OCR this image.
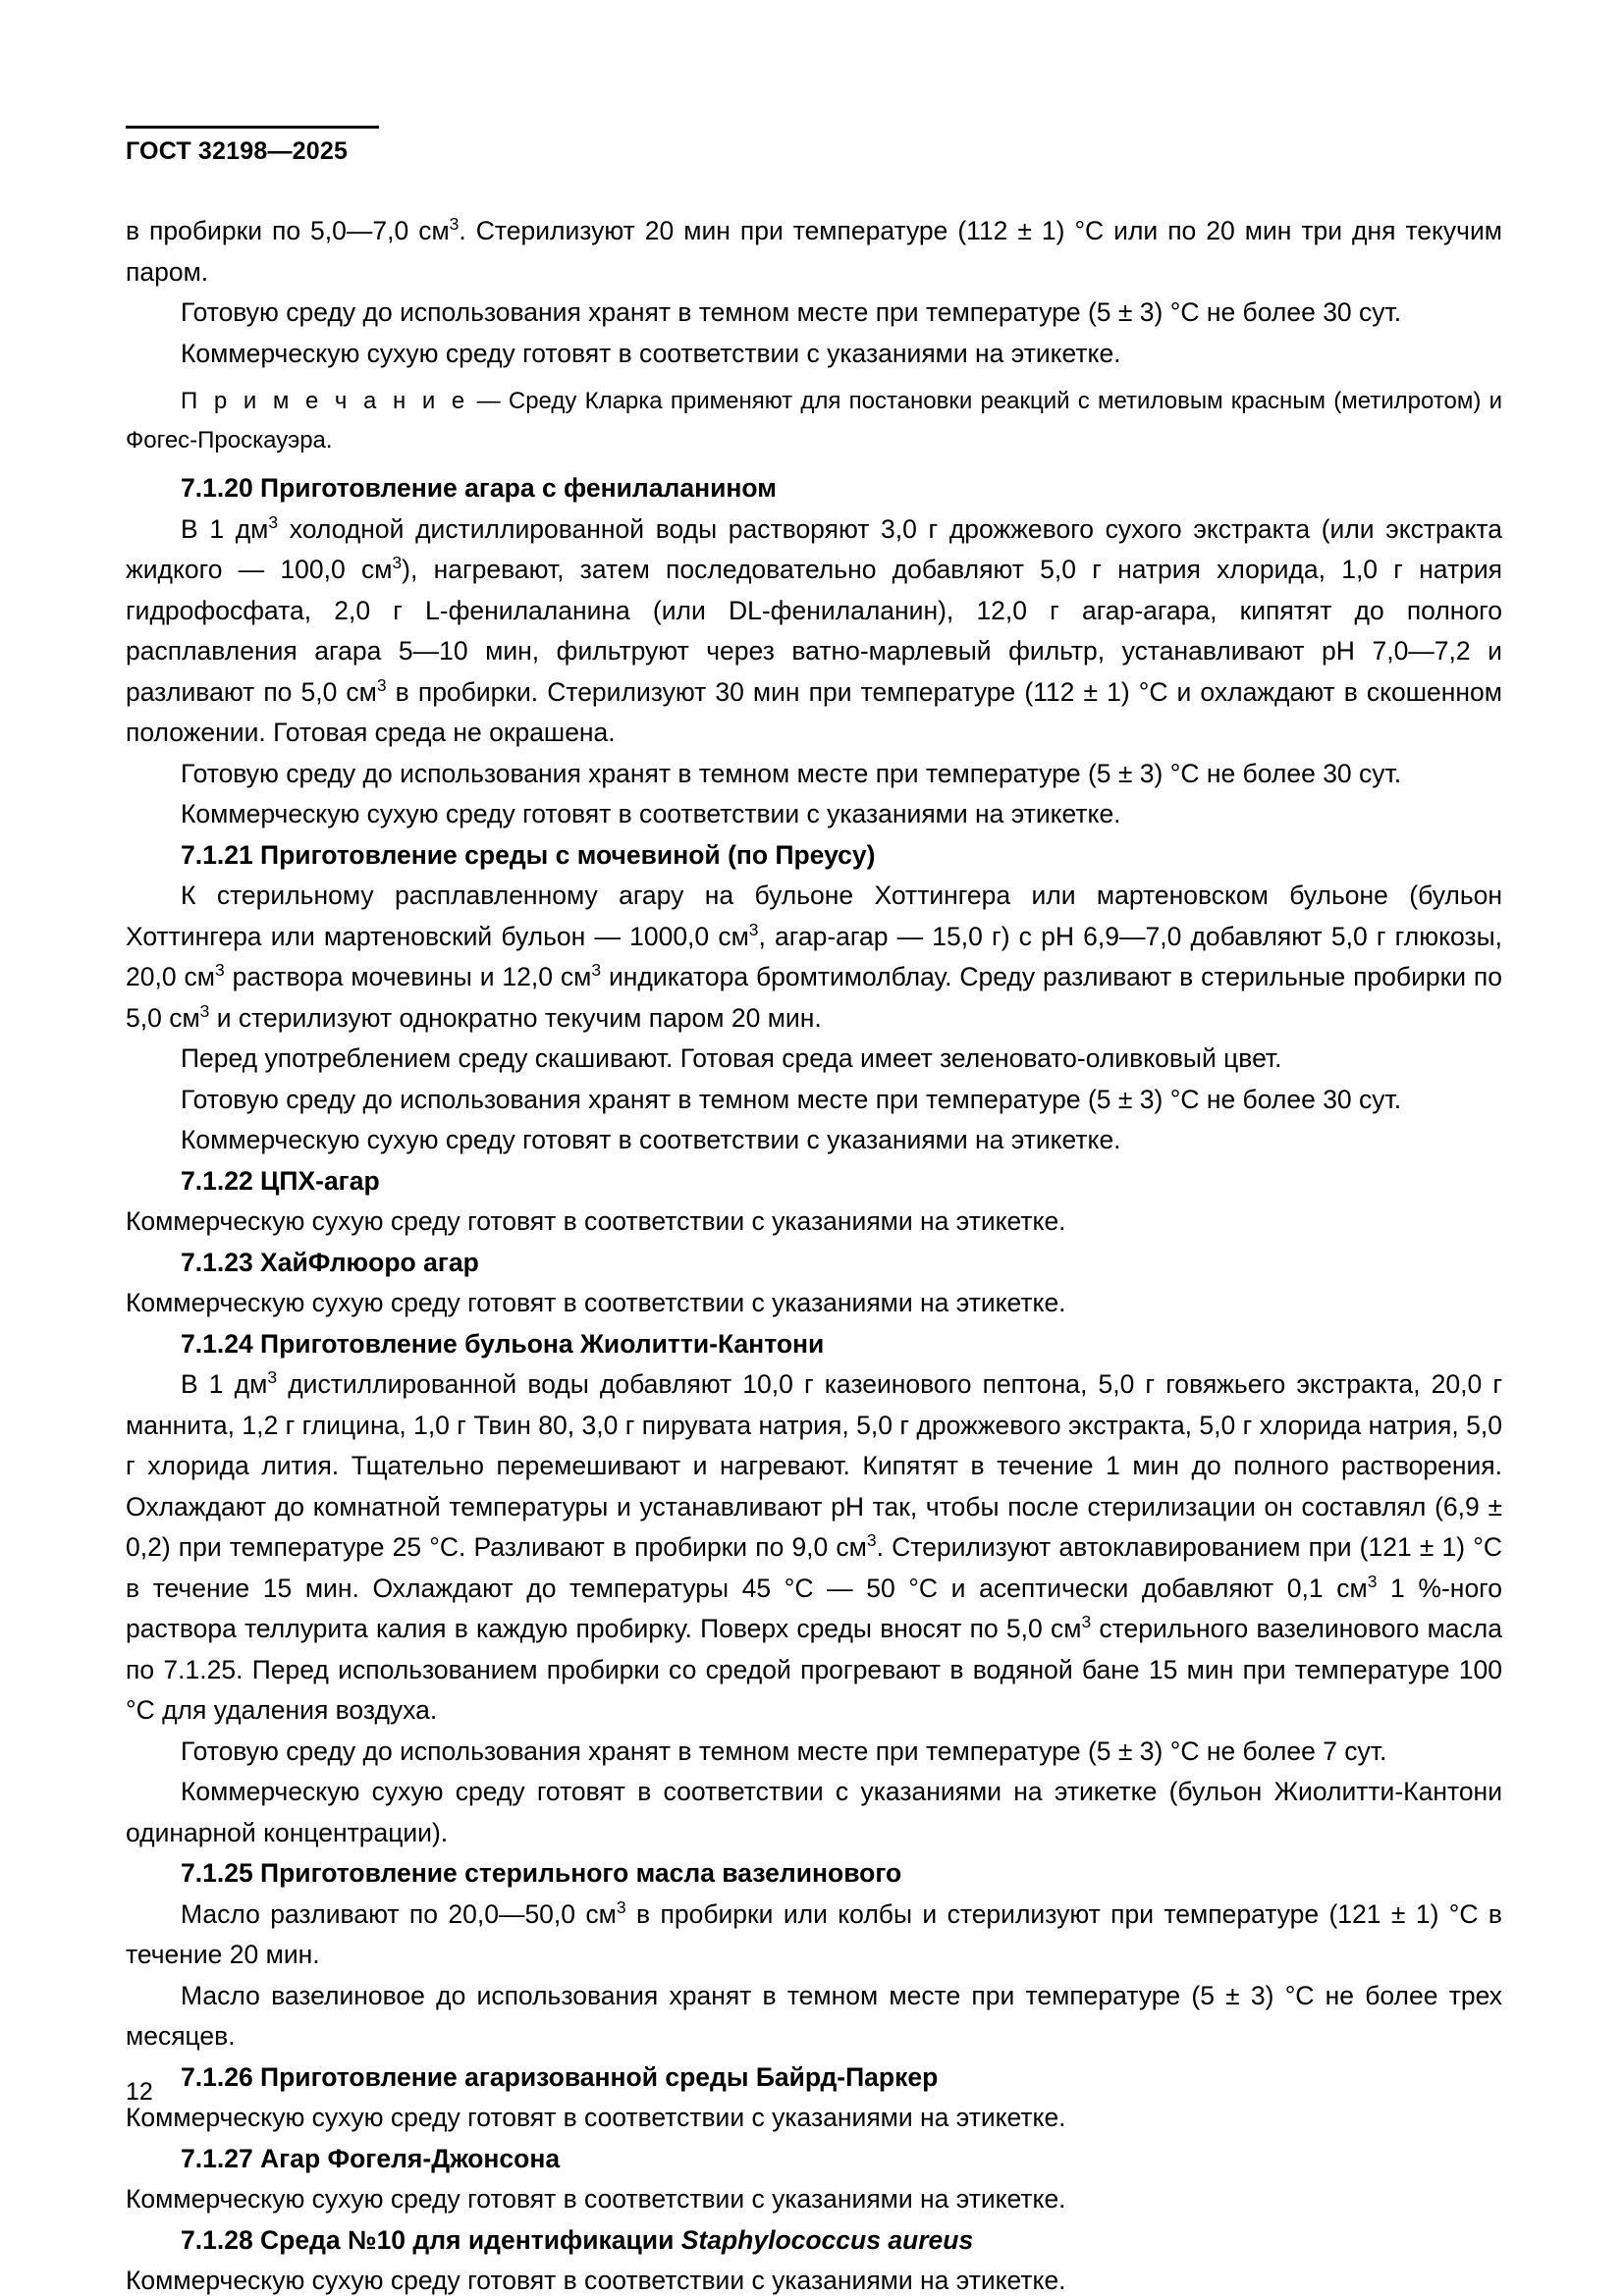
ГОСТ 32198—2025

в пробирки по 5,0—7,0 $см^3$. Стерилизуют 20 мин при температуре (112 ± 1) °C или по 20 мин три дня текучим паром.

Готовую среду до использования хранят в темном месте при температуре (5 ± 3) °C не более 30 сут.

Коммерческую сухую среду готовят в соответствии с указаниями на этикетке.

П р и м е ч а н и е — Среду Кларка применяют для постановки реакций с метиловым красным (метилротом) и Фогес-Проскауэра.

7.1.20 Приготовление агара с фенилаланином

В 1 $дм^3$ холодной дистиллированной воды растворяют 3,0 г дрожжевого сухого экстракта (или экстракта жидкого — 100,0 $см^3$), нагревают, затем последовательно добавляют 5,0 г натрия хлорида, 1,0 г натрия гидрофосфата, 2,0 г L-фенилаланина (или DL-фенилаланин), 12,0 г агар-агара, кипятят до полного расплавления агара 5—10 мин, фильтруют через ватно-марлевый фильтр, устанавливают рН 7,0—7,2 и разливают по 5,0 $см^3$ в пробирки. Стерилизуют 30 мин при температуре (112 ± 1) °C и охлаждают в скошенном положении. Готовая среда не окрашена.

Готовую среду до использования хранят в темном месте при температуре (5 ± 3) °C не более 30 сут.

Коммерческую сухую среду готовят в соответствии с указаниями на этикетке.

7.1.21 Приготовление среды с мочевиной (по Преусу)

К стерильному расплавленному агару на бульоне Хоттингера или мартеновском бульоне (бульон Хоттингера или мартеновский бульон — 1000,0 $см^3$, агар-агар — 15,0 г) с рН 6,9—7,0 добавляют 5,0 г глюкозы, 20,0 $см^3$ раствора мочевины и 12,0 $см^3$ индикатора бромтимолблау. Среду разливают в стерильные пробирки по 5,0 $см^3$ и стерилизуют однократно текучим паром 20 мин.

Перед употреблением среду скашивают. Готовая среда имеет зеленовато-оливковый цвет.

Готовую среду до использования хранят в темном месте при температуре (5 ± 3) °C не более 30 сут.

Коммерческую сухую среду готовят в соответствии с указаниями на этикетке.

7.1.22 ЦПХ-агар

Коммерческую сухую среду готовят в соответствии с указаниями на этикетке.

7.1.23 ХайФлюоро агар

Коммерческую сухую среду готовят в соответствии с указаниями на этикетке.

7.1.24 Приготовление бульона Жиолитти-Кантони

В 1 $дм^3$ дистиллированной воды добавляют 10,0 г казеинового пептона, 5,0 г говяжьего экстракта, 20,0 г маннита, 1,2 г глицина, 1,0 г Твин 80, 3,0 г пирувата натрия, 5,0 г дрожжевого экстракта, 5,0 г хлорида натрия, 5,0 г хлорида лития. Тщательно перемешивают и нагревают. Кипятят в течение 1 мин до полного растворения. Охлаждают до комнатной температуры и устанавливают рН так, чтобы после стерилизации он составлял (6,9 ± 0,2) при температуре 25 °C. Разливают в пробирки по 9,0 $см^3$. Стерилизуют автоклавированием при (121 ± 1) °C в течение 15 мин. Охлаждают до температуры 45 °C — 50 °C и асептически добавляют 0,1 $см^3$ 1 %-ного раствора теллурита калия в каждую пробирку. Поверх среды вносят по 5,0 $см^3$ стерильного вазелинового масла по 7.1.25. Перед использованием пробирки со средой прогревают в водяной бане 15 мин при температуре 100 °C для удаления воздуха.

Готовую среду до использования хранят в темном месте при температуре (5 ± 3) °C не более 7 сут.

Коммерческую сухую среду готовят в соответствии с указаниями на этикетке (бульон Жиолитти-Кантони одинарной концентрации).

7.1.25 Приготовление стерильного масла вазелинового

Масло разливают по 20,0—50,0 $см^3$ в пробирки или колбы и стерилизуют при температуре (121 ± 1) °C в течение 20 мин.

Масло вазелиновое до использования хранят в темном месте при температуре (5 ± 3) °C не более трех месяцев.

7.1.26 Приготовление агаризованной среды Байрд-Паркер

Коммерческую сухую среду готовят в соответствии с указаниями на этикетке.

7.1.27 Агар Фогеля-Джонсона

Коммерческую сухую среду готовят в соответствии с указаниями на этикетке.

7.1.28 Среда №10 для идентификации Staphylococcus aureus

Коммерческую сухую среду готовят в соответствии с указаниями на этикетке.

12
